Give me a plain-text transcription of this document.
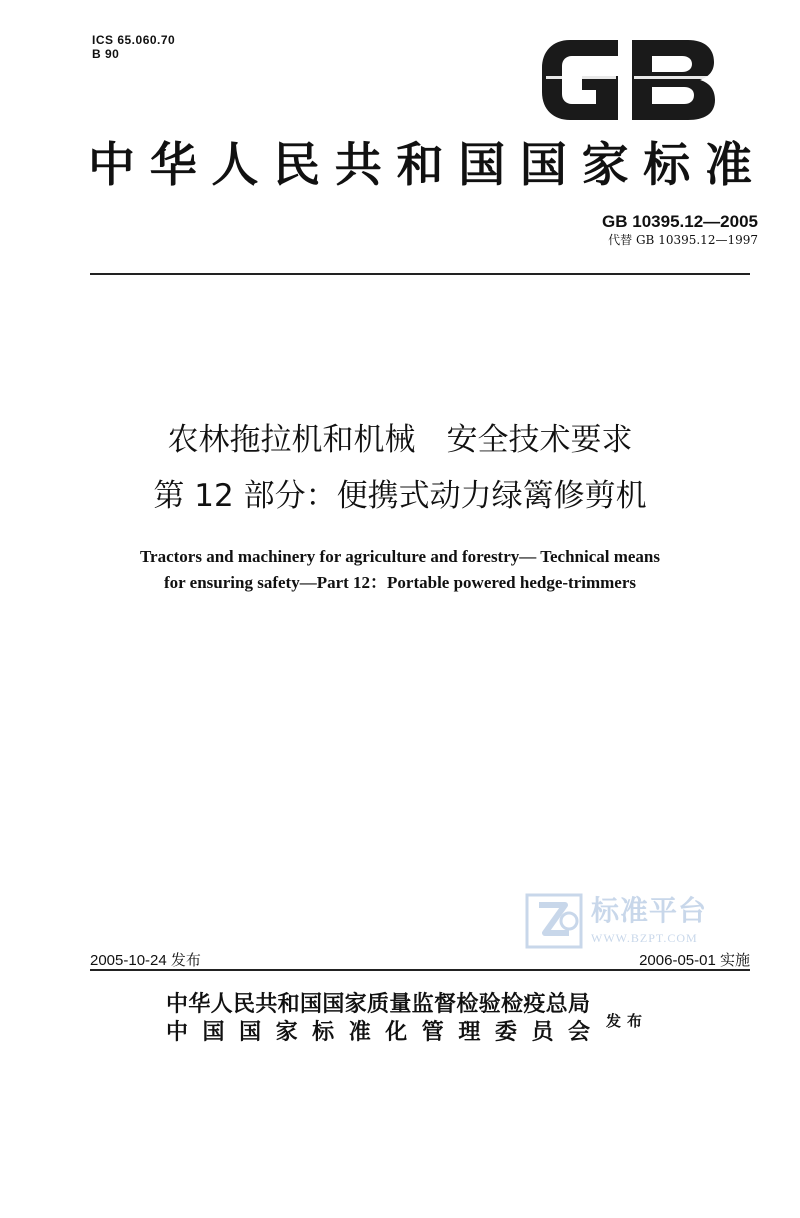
ICS 65.060.70
B 90
中华人民共和国国家标准
GB 10395.12—2005
代替 GB 10395.12—1997
农林拖拉机和机械　安全技术要求
第 12 部分：便携式动力绿篱修剪机
Tractors and machinery for agriculture and forestry— Technical means
for ensuring safety—Part 12：Portable powered hedge-trimmers
标准平台
WWW.BZPT.COM
2005-10-24 发布	2006-05-01 实施
中华人民共和国国家质量监督检验检疫总局
中国国家标准化管理委员会 发布
